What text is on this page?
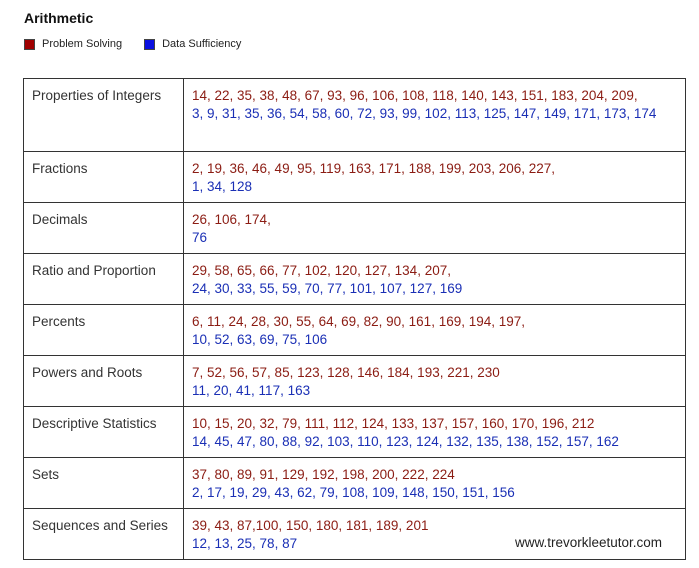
Arithmetic
Problem Solving	Data Sufficiency
Properties of Integers	14, 22, 35, 38, 48, 67, 93, 96, 106, 108, 118, 140, 143, 151, 183, 204, 209,
3, 9, 31, 35, 36, 54, 58, 60, 72, 93, 99, 102, 113, 125, 147, 149, 171, 173, 174

Fractions	2, 19, 36, 46, 49, 95, 119, 163, 171, 188, 199, 203, 206, 227,
1, 34, 128

Decimals	26, 106, 174,
76

Ratio and Proportion	29, 58, 65, 66, 77, 102, 120, 127, 134, 207,
24, 30, 33, 55, 59, 70, 77, 101, 107, 127, 169

Percents	6, 11, 24, 28, 30, 55, 64, 69, 82, 90, 161, 169, 194, 197,
10, 52, 63, 69, 75, 106

Powers and Roots	7, 52, 56, 57, 85, 123, 128, 146, 184, 193, 221, 230
11, 20, 41, 117, 163

Descriptive Statistics	10, 15, 20, 32, 79, 111, 112, 124, 133, 137, 157, 160, 170, 196, 212
14, 45, 47, 80, 88, 92, 103, 110, 123, 124, 132, 135, 138, 152, 157, 162

Sets	37, 80, 89, 91, 129, 192, 198, 200, 222, 224
2, 17, 19, 29, 43, 62, 79, 108, 109, 148, 150, 151, 156

Sequences and Series	39, 43, 87,100, 150, 180, 181, 189, 201
12, 13, 25, 78, 87	www.trevorkleetutor.com
